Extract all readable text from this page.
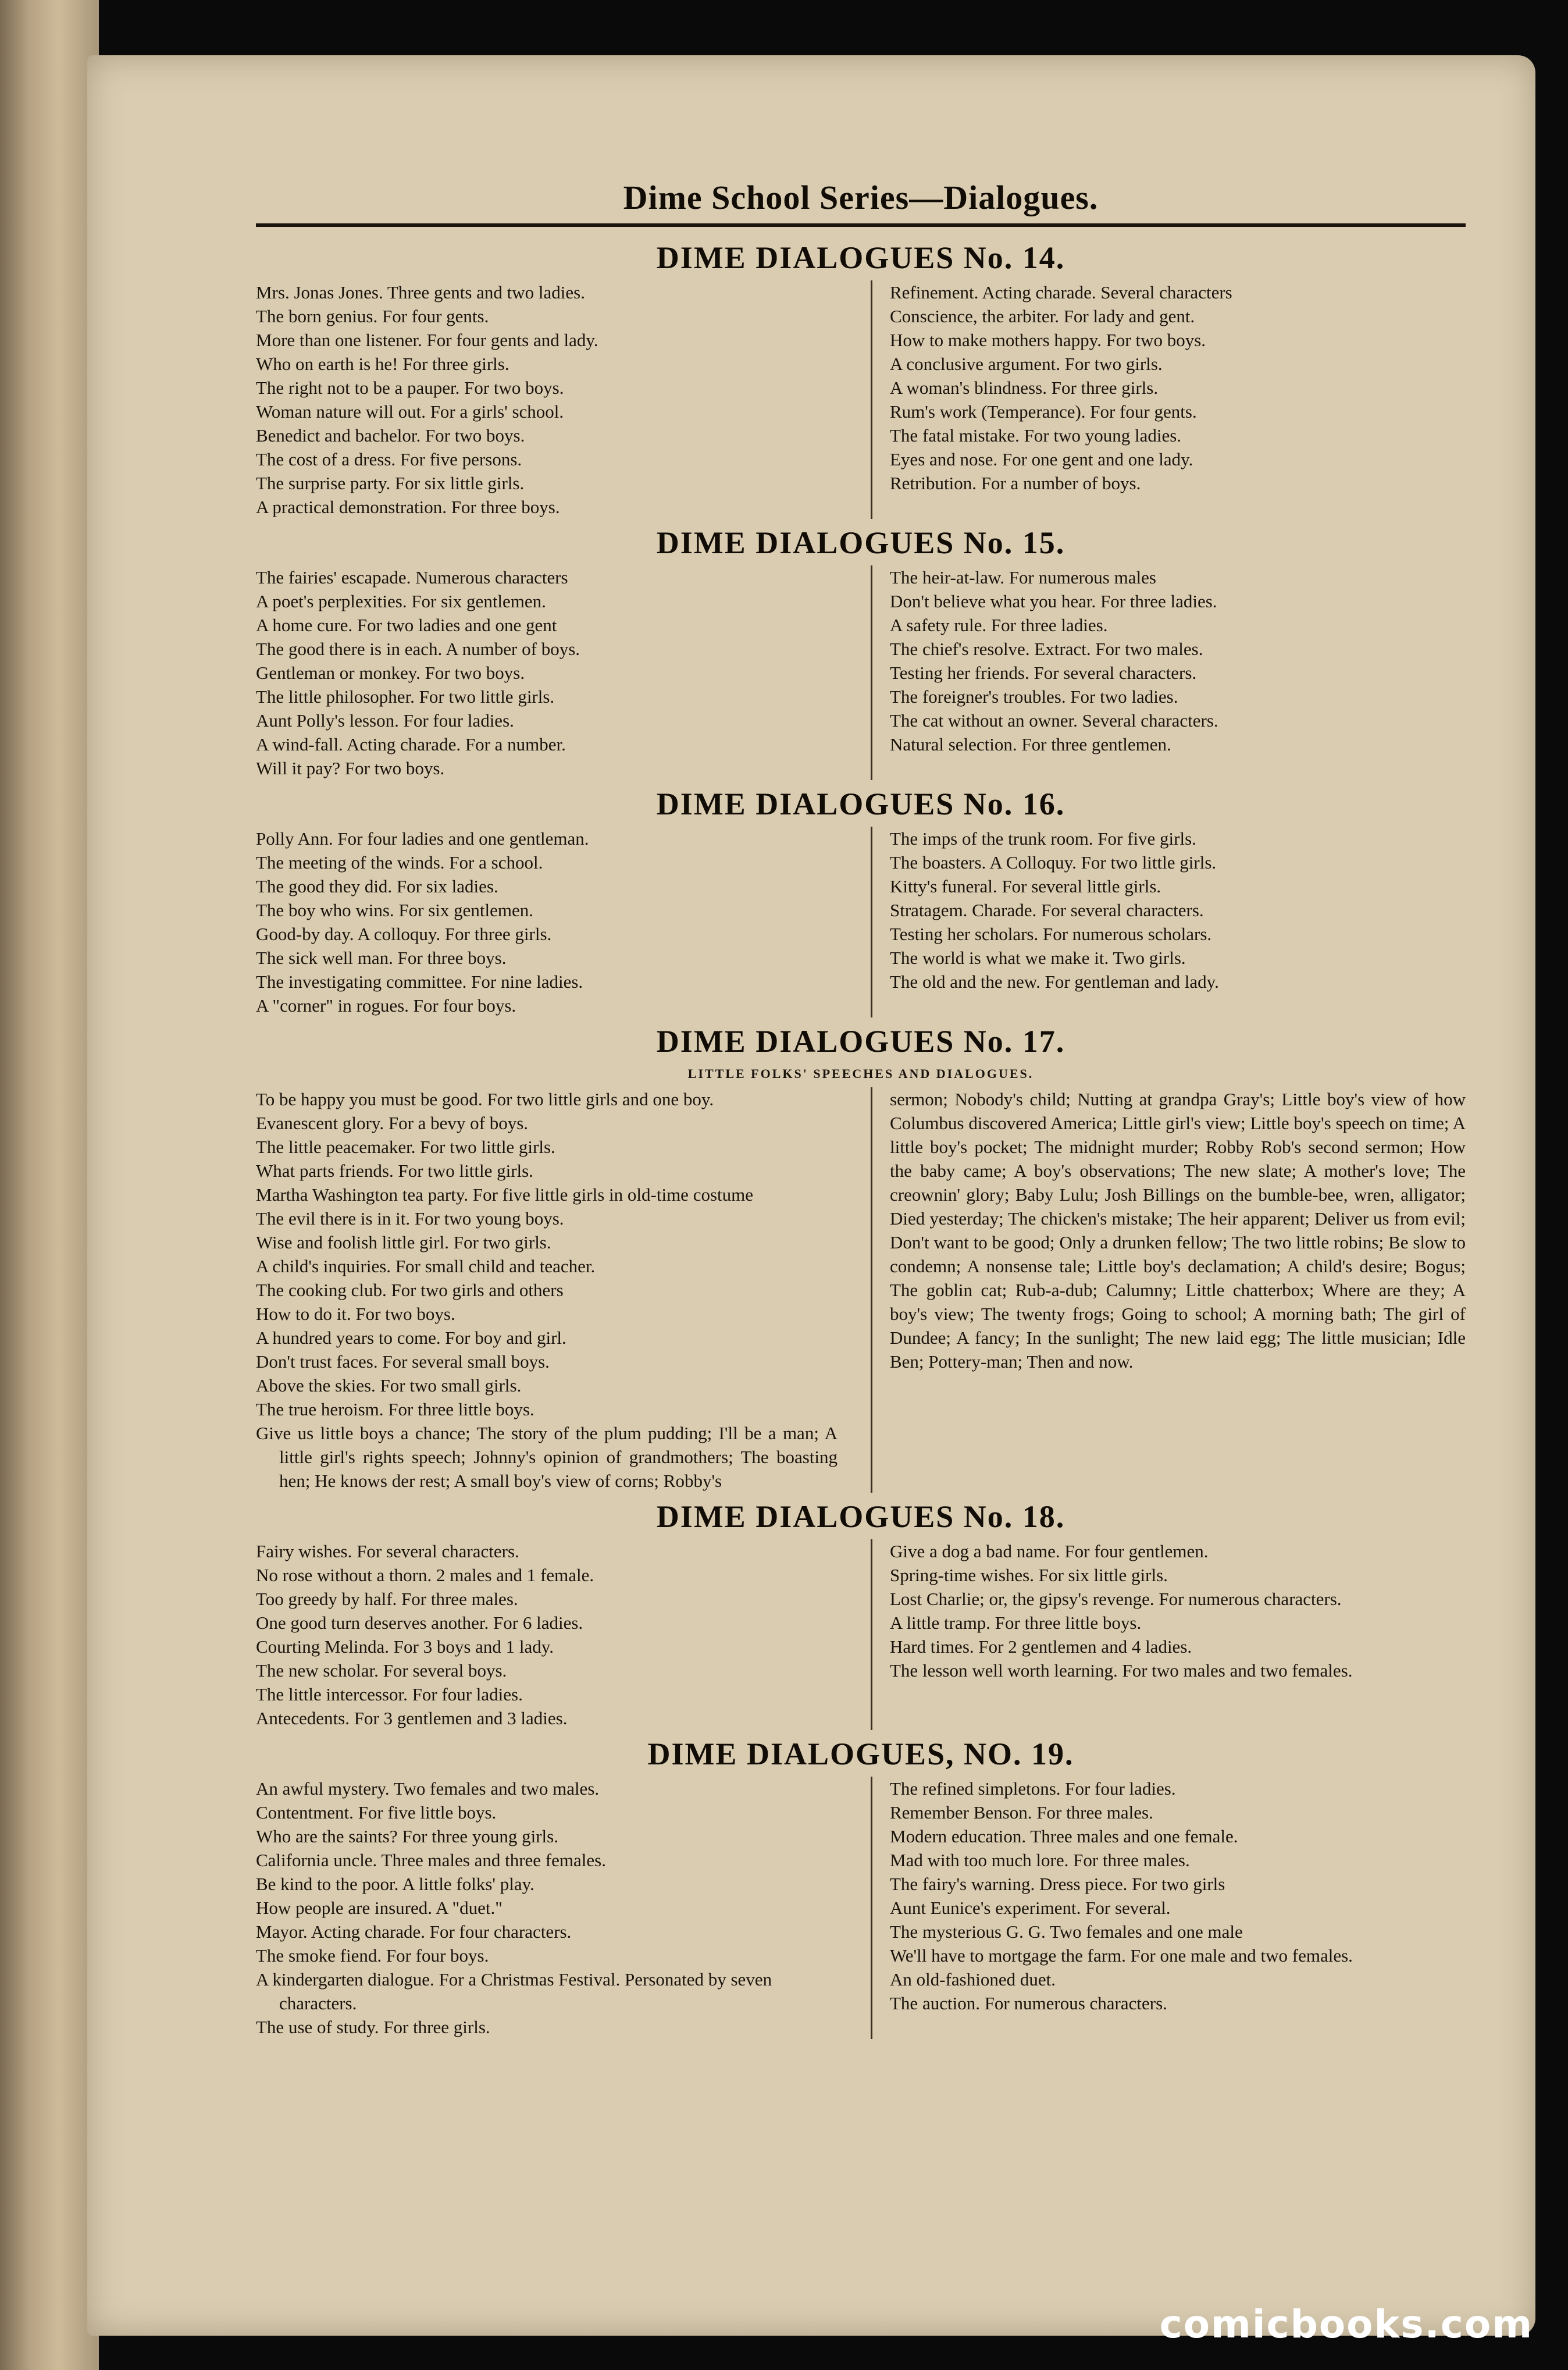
Dime School Series—Dialogues.
DIME DIALOGUES No. 14.
Mrs. Jonas Jones. Three gents and two ladies.
The born genius. For four gents.
More than one listener. For four gents and lady.
Who on earth is he! For three girls.
The right not to be a pauper. For two boys.
Woman nature will out. For a girls' school.
Benedict and bachelor. For two boys.
The cost of a dress. For five persons.
The surprise party. For six little girls.
A practical demonstration. For three boys.
Refinement. Acting charade. Several characters
Conscience, the arbiter. For lady and gent.
How to make mothers happy. For two boys.
A conclusive argument. For two girls.
A woman's blindness. For three girls.
Rum's work (Temperance). For four gents.
The fatal mistake. For two young ladies.
Eyes and nose. For one gent and one lady.
Retribution. For a number of boys.
DIME DIALOGUES No. 15.
The fairies' escapade. Numerous characters
A poet's perplexities. For six gentlemen.
A home cure. For two ladies and one gent
The good there is in each. A number of boys.
Gentleman or monkey. For two boys.
The little philosopher. For two little girls.
Aunt Polly's lesson. For four ladies.
A wind-fall. Acting charade. For a number.
Will it pay? For two boys.
The heir-at-law. For numerous males
Don't believe what you hear. For three ladies.
A safety rule. For three ladies.
The chief's resolve. Extract. For two males.
Testing her friends. For several characters.
The foreigner's troubles. For two ladies.
The cat without an owner. Several characters.
Natural selection. For three gentlemen.
DIME DIALOGUES No. 16.
Polly Ann. For four ladies and one gentleman.
The meeting of the winds. For a school.
The good they did. For six ladies.
The boy who wins. For six gentlemen.
Good-by day. A colloquy. For three girls.
The sick well man. For three boys.
The investigating committee. For nine ladies.
A "corner" in rogues. For four boys.
The imps of the trunk room. For five girls.
The boasters. A Colloquy. For two little girls.
Kitty's funeral. For several little girls.
Stratagem. Charade. For several characters.
Testing her scholars. For numerous scholars.
The world is what we make it. Two girls.
The old and the new. For gentleman and lady.
DIME DIALOGUES No. 17.
LITTLE FOLKS' SPEECHES AND DIALOGUES.
To be happy you must be good. For two little girls and one boy.
Evanescent glory. For a bevy of boys.
The little peacemaker. For two little girls.
What parts friends. For two little girls.
Martha Washington tea party. For five little girls in old-time costume
The evil there is in it. For two young boys.
Wise and foolish little girl. For two girls.
A child's inquiries. For small child and teacher.
The cooking club. For two girls and others
How to do it. For two boys.
A hundred years to come. For boy and girl.
Don't trust faces. For several small boys.
Above the skies. For two small girls.
The true heroism. For three little boys.
Give us little boys a chance; The story of the plum pudding; I'll be a man; A little girl's rights speech; Johnny's opinion of grandmothers; The boasting hen; He knows der rest; A small boy's view of corns; Robby's
sermon; Nobody's child; Nutting at grandpa Gray's; Little boy's view of how Columbus discovered America; Little girl's view; Little boy's speech on time; A little boy's pocket; The midnight murder; Robby Rob's second sermon; How the baby came; A boy's observations; The new slate; A mother's love; The creownin' glory; Baby Lulu; Josh Billings on the bumble-bee, wren, alligator; Died yesterday; The chicken's mistake; The heir apparent; Deliver us from evil; Don't want to be good; Only a drunken fellow; The two little robins; Be slow to condemn; A nonsense tale; Little boy's declamation; A child's desire; Bogus; The goblin cat; Rub-a-dub; Calumny; Little chatterbox; Where are they; A boy's view; The twenty frogs; Going to school; A morning bath; The girl of Dundee; A fancy; In the sunlight; The new laid egg; The little musician; Idle Ben; Pottery-man; Then and now.
DIME DIALOGUES No. 18.
Fairy wishes. For several characters.
No rose without a thorn. 2 males and 1 female.
Too greedy by half. For three males.
One good turn deserves another. For 6 ladies.
Courting Melinda. For 3 boys and 1 lady.
The new scholar. For several boys.
The little intercessor. For four ladies.
Antecedents. For 3 gentlemen and 3 ladies.
Give a dog a bad name. For four gentlemen.
Spring-time wishes. For six little girls.
Lost Charlie; or, the gipsy's revenge. For numerous characters.
A little tramp. For three little boys.
Hard times. For 2 gentlemen and 4 ladies.
The lesson well worth learning. For two males and two females.
DIME DIALOGUES, NO. 19.
An awful mystery. Two females and two males.
Contentment. For five little boys.
Who are the saints? For three young girls.
California uncle. Three males and three females.
Be kind to the poor. A little folks' play.
How people are insured. A "duet."
Mayor. Acting charade. For four characters.
The smoke fiend. For four boys.
A kindergarten dialogue. For a Christmas Festival. Personated by seven characters.
The use of study. For three girls.
The refined simpletons. For four ladies.
Remember Benson. For three males.
Modern education. Three males and one female.
Mad with too much lore. For three males.
The fairy's warning. Dress piece. For two girls
Aunt Eunice's experiment. For several.
The mysterious G. G. Two females and one male
We'll have to mortgage the farm. For one male and two females.
An old-fashioned duet.
The auction. For numerous characters.
comicbooks.com
